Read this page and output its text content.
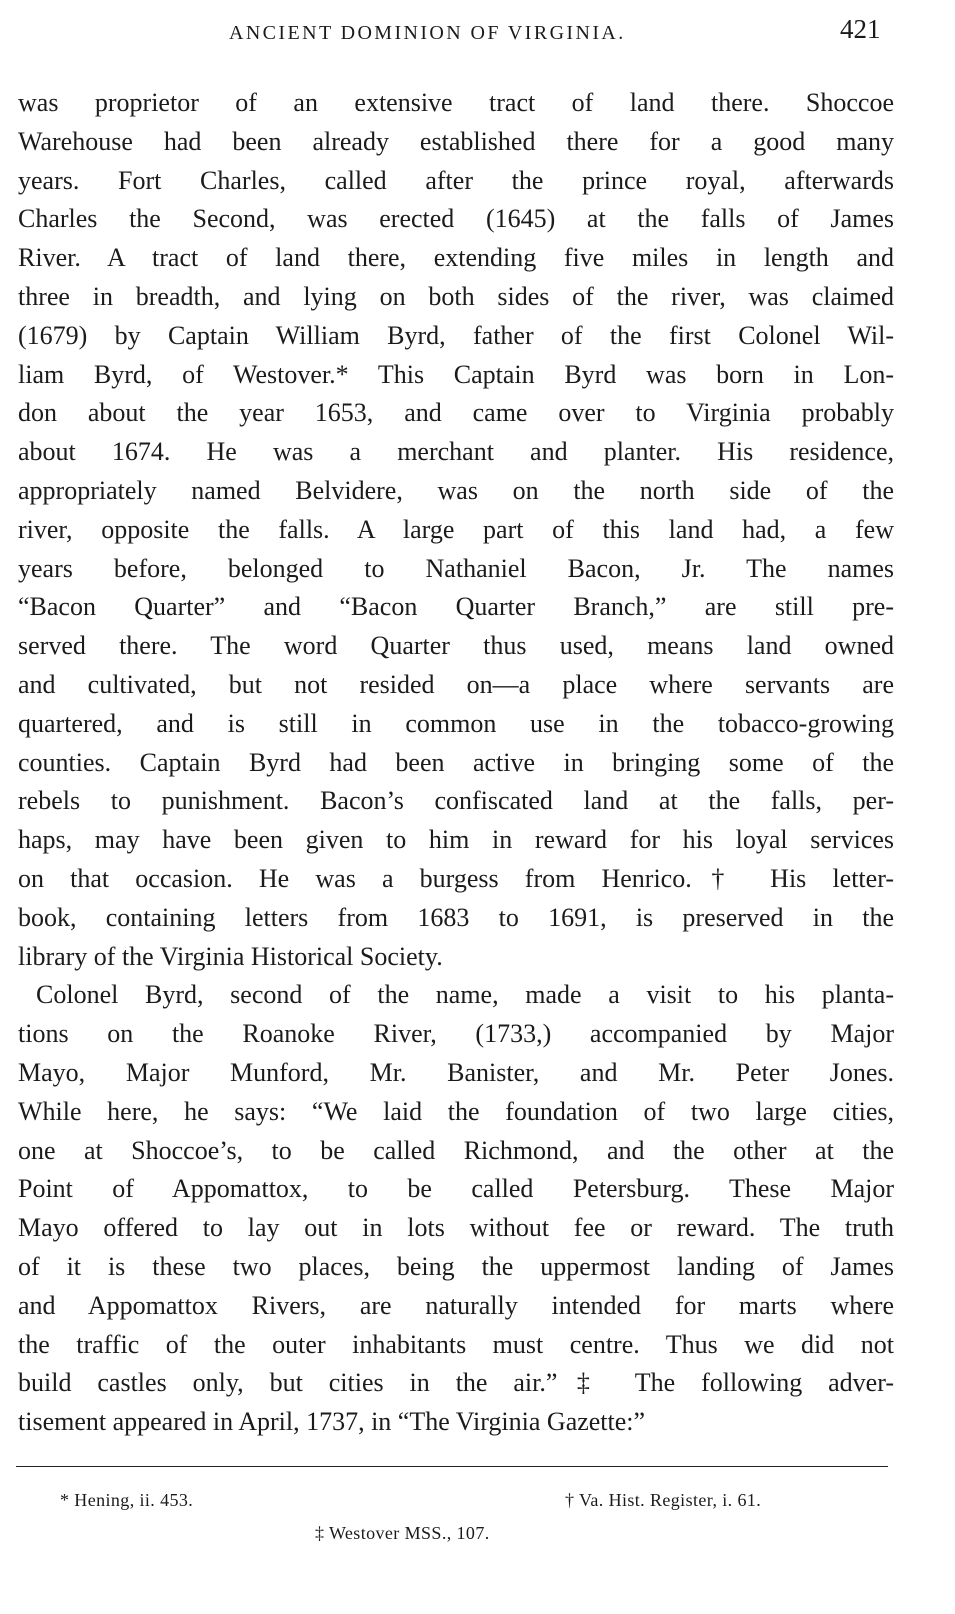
ANCIENT DOMINION OF VIRGINIA.	421
was proprietor of an extensive tract of land there. Shoccoe
Warehouse had been already established there for a good many
years. Fort Charles, called after the prince royal, afterwards
Charles the Second, was erected (1645) at the falls of James
River. A tract of land there, extending five miles in length and
three in breadth, and lying on both sides of the river, was claimed
(1679) by Captain William Byrd, father of the first Colonel Wil-
liam Byrd, of Westover.* This Captain Byrd was born in Lon-
don about the year 1653, and came over to Virginia probably
about 1674. He was a merchant and planter. His residence,
appropriately named Belvidere, was on the north side of the
river, opposite the falls. A large part of this land had, a few
years before, belonged to Nathaniel Bacon, Jr. The names
“Bacon Quarter” and “Bacon Quarter Branch,” are still pre-
served there. The word Quarter thus used, means land owned
and cultivated, but not resided on—a place where servants are
quartered, and is still in common use in the tobacco-growing
counties. Captain Byrd had been active in bringing some of the
rebels to punishment. Bacon’s confiscated land at the falls, per-
haps, may have been given to him in reward for his loyal services
on that occasion. He was a burgess from Henrico.† His letter-
book, containing letters from 1683 to 1691, is preserved in the
library of the Virginia Historical Society.
Colonel Byrd, second of the name, made a visit to his planta-
tions on the Roanoke River, (1733,) accompanied by Major
Mayo, Major Munford, Mr. Banister, and Mr. Peter Jones.
While here, he says: “We laid the foundation of two large cities,
one at Shoccoe’s, to be called Richmond, and the other at the
Point of Appomattox, to be called Petersburg. These Major
Mayo offered to lay out in lots without fee or reward. The truth
of it is these two places, being the uppermost landing of James
and Appomattox Rivers, are naturally intended for marts where
the traffic of the outer inhabitants must centre. Thus we did not
build castles only, but cities in the air.”‡ The following adver-
tisement appeared in April, 1737, in “The Virginia Gazette:”
* Hening, ii. 453.	† Va. Hist. Register, i. 61.
‡ Westover MSS., 107.
